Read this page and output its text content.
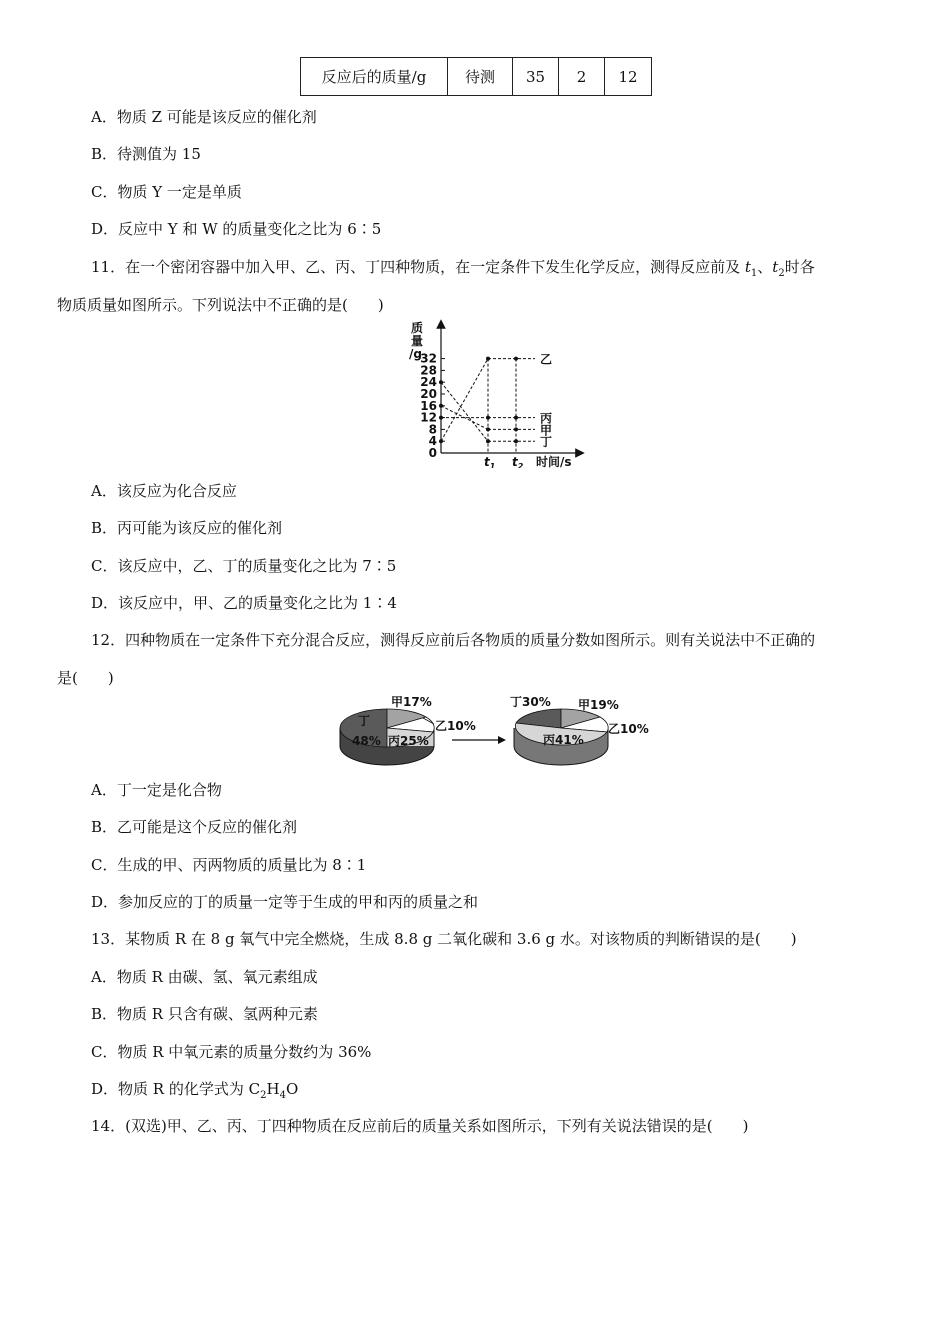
反应后的质量/g	待测	35	2	12
A．物质 Z 可能是该反应的催化剂
B．待测值为 15
C．物质 Y 一定是单质
D．反应中 Y 和 W 的质量变化之比为 6∶5
11．在一个密闭容器中加入甲、乙、丙、丁四种物质，在一定条件下发生化学反应，测得反应前及 $t_1$、$t_2$时各
物质质量如图所示。下列说法中不正确的是(　　)
质
量
/g
32
28
24
20
16
12
8
4
0
乙
丙
甲
丁
$t_1$ $t_2$ 时间/s
A．该反应为化合反应
B．丙可能为该反应的催化剂
C．该反应中，乙、丁的质量变化之比为 7∶5
D．该反应中，甲、乙的质量变化之比为 1∶4
12．四种物质在一定条件下充分混合反应，测得反应前后各物质的质量分数如图所示。则有关说法中不正确的
是(　　)
甲17%
乙10%
丁
48% 丙25%
丁30% 甲19%
乙10%
丙41%
A．丁一定是化合物
B．乙可能是这个反应的催化剂
C．生成的甲、丙两物质的质量比为 8∶1
D．参加反应的丁的质量一定等于生成的甲和丙的质量之和
13．某物质 R 在 8 g 氧气中完全燃烧，生成 8.8 g 二氧化碳和 3.6 g 水。对该物质的判断错误的是(　　)
A．物质 R 由碳、氢、氧元素组成
B．物质 R 只含有碳、氢两种元素
C．物质 R 中氧元素的质量分数约为 36%
D．物质 R 的化学式为 $C_2H_4O$
14．(双选)甲、乙、丙、丁四种物质在反应前后的质量关系如图所示，下列有关说法错误的是(　　)
